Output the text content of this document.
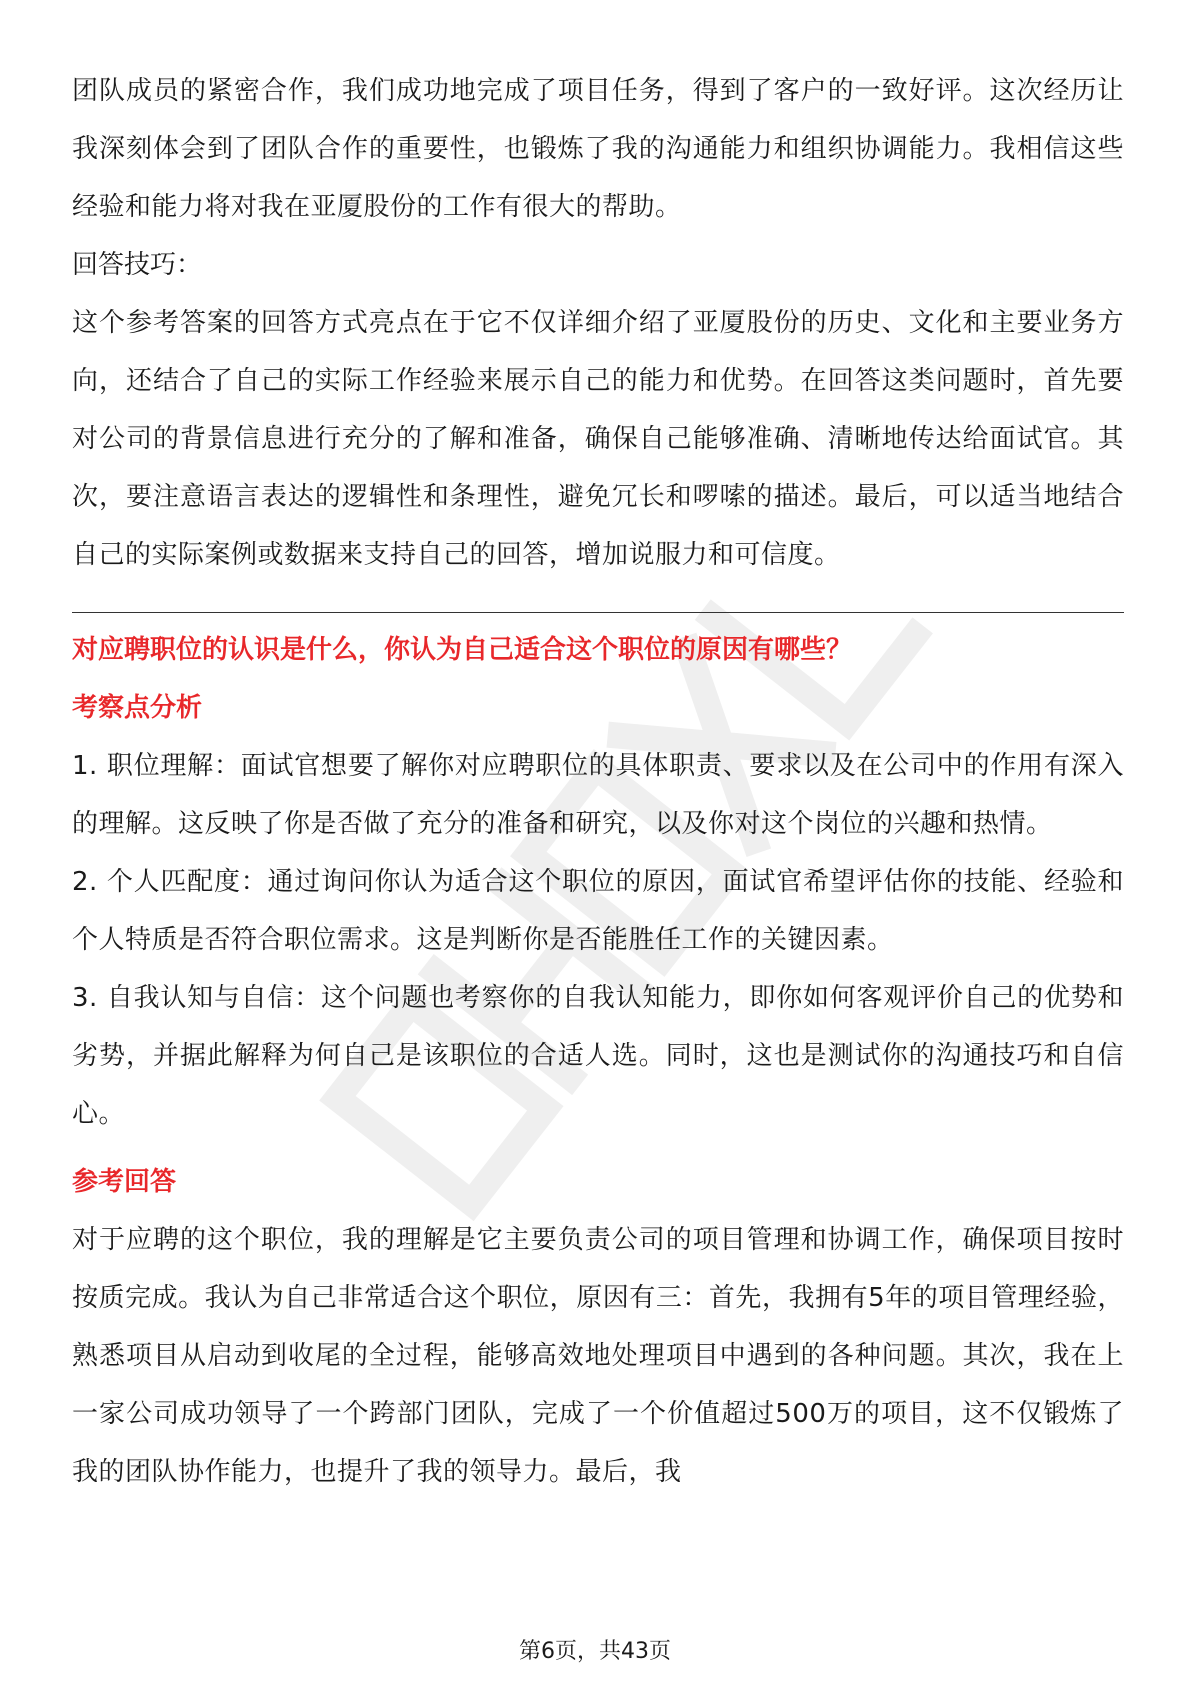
团队成员的紧密合作，我们成功地完成了项目任务，得到了客户的一致好评。这次经历让我深刻体会到了团队合作的重要性，也锻炼了我的沟通能力和组织协调能力。我相信这些经验和能力将对我在亚厦股份的工作有很大的帮助。

回答技巧：

这个参考答案的回答方式亮点在于它不仅详细介绍了亚厦股份的历史、文化和主要业务方向，还结合了自己的实际工作经验来展示自己的能力和优势。在回答这类问题时，首先要对公司的背景信息进行充分的了解和准备，确保自己能够准确、清晰地传达给面试官。其次，要注意语言表达的逻辑性和条理性，避免冗长和啰嗦的描述。最后，可以适当地结合自己的实际案例或数据来支持自己的回答，增加说服力和可信度。

对应聘职位的认识是什么，你认为自己适合这个职位的原因有哪些？

考察点分析

1. 职位理解：面试官想要了解你对应聘职位的具体职责、要求以及在公司中的作用有深入的理解。这反映了你是否做了充分的准备和研究，以及你对这个岗位的兴趣和热情。

2. 个人匹配度：通过询问你认为适合这个职位的原因，面试官希望评估你的技能、经验和个人特质是否符合职位需求。这是判断你是否能胜任工作的关键因素。

3. 自我认知与自信：这个问题也考察你的自我认知能力，即你如何客观评价自己的优势和劣势，并据此解释为何自己是该职位的合适人选。同时，这也是测试你的沟通技巧和自信心。

参考回答

对于应聘的这个职位，我的理解是它主要负责公司的项目管理和协调工作，确保项目按时按质完成。我认为自己非常适合这个职位，原因有三：首先，我拥有5年的项目管理经验，熟悉项目从启动到收尾的全过程，能够高效地处理项目中遇到的各种问题。其次，我在上一家公司成功领导了一个跨部门团队，完成了一个价值超过500万的项目，这不仅锻炼了我的团队协作能力，也提升了我的领导力。最后，我

第6页，共43页
